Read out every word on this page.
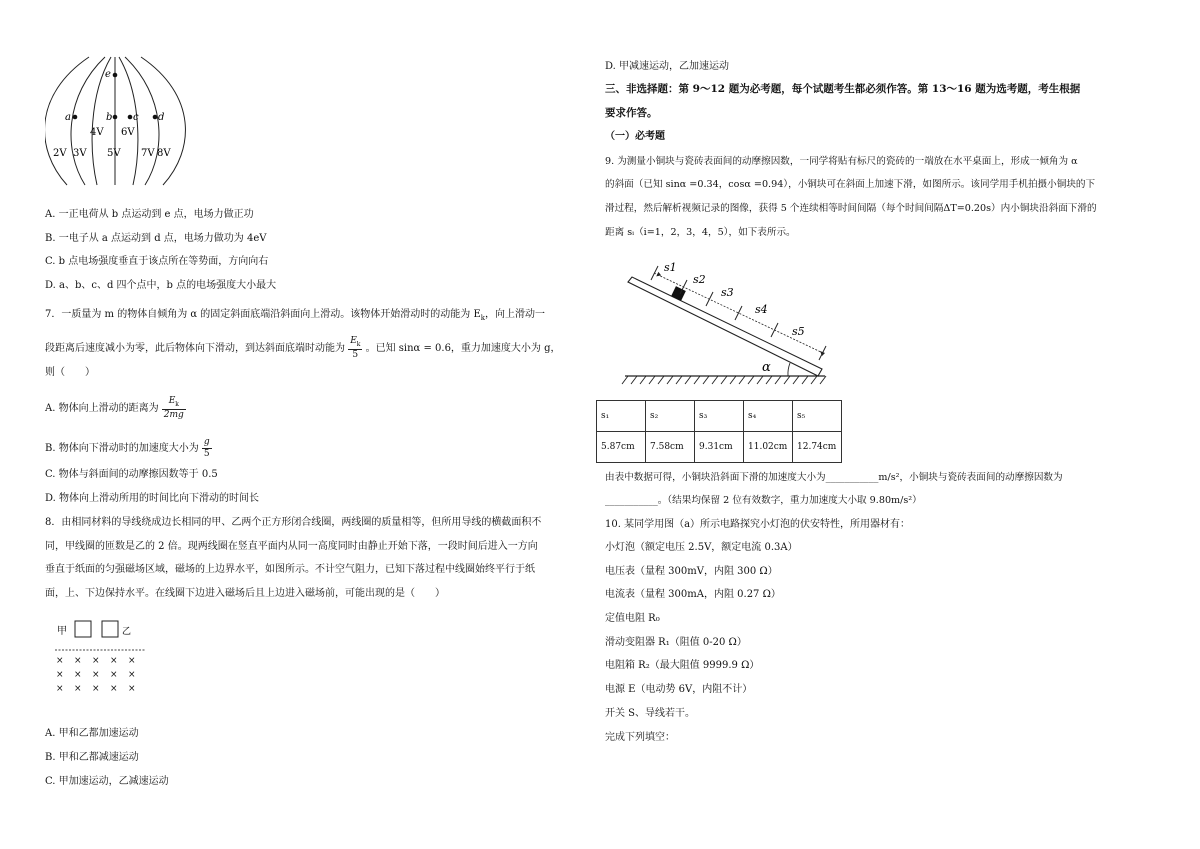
e
a	b c d
4V 6V
2V 3V 5V 7V 8V
A. 一正电荷从 b 点运动到 e 点，电场力做正功
B. 一电子从 a 点运动到 d 点，电场力做功为 4eV
C. b 点电场强度垂直于该点所在等势面，方向向右
D. a、b、c、d 四个点中，b 点的电场强度大小最大
7．一质量为 m 的物体自倾角为 α 的固定斜面底端沿斜面向上滑动。该物体开始滑动时的动能为 $E_k$，向上滑动一
段距离后速度减小为零，此后物体向下滑动，到达斜面底端时动能为 $\frac{E_k}{5}$ 。已知 sinα = 0.6，重力加速度大小为 g，
则（　　）
A. 物体向上滑动的距离为 $\frac{E_k}{2mg}$
B. 物体向下滑动时的加速度大小为 $\frac{g}{5}$
C. 物体与斜面间的动摩擦因数等于 0.5
D. 物体向上滑动所用的时间比向下滑动的时间长
8．由相同材料的导线绕成边长相同的甲、乙两个正方形闭合线圈，两线圈的质量相等，但所用导线的横截面积不
同，甲线圈的匝数是乙的 2 倍。现两线圈在竖直平面内从同一高度同时由静止开始下落，一段时间后进入一方向
垂直于纸面的匀强磁场区域，磁场的上边界水平，如图所示。不计空气阻力，已知下落过程中线圈始终平行于纸
面，上、下边保持水平。在线圈下边进入磁场后且上边进入磁场前，可能出现的是（　　）
甲	乙
× × × × ×
× × × × ×
× × × × ×
A. 甲和乙都加速运动
B. 甲和乙都减速运动
C. 甲加速运动，乙减速运动
D. 甲减速运动，乙加速运动
三、非选择题：第 9～12 题为必考题，每个试题考生都必须作答。第 13～16 题为选考题，考生根据
要求作答。
（一）必考题
9. 为测量小铜块与瓷砖表面间的动摩擦因数，一同学将贴有标尺的瓷砖的一端放在水平桌面上，形成一倾角为 α
的斜面（已知 sinα =0.34，cosα =0.94），小铜块可在斜面上加速下滑，如图所示。该同学用手机拍摄小铜块的下
滑过程，然后解析视频记录的图像，获得 5 个连续相等时间间隔（每个时间间隔ΔT=0.20s）内小铜块沿斜面下滑的
距离 sᵢ（i=1，2，3，4，5），如下表所示。
s1
s2
s3
s4
s5
α
s₁	s₂	s₃	s₄	s₅
5.87cm	7.58cm	9.31cm	11.02cm	12.74cm
由表中数据可得，小铜块沿斜面下滑的加速度大小为___________m/s²，小铜块与瓷砖表面间的动摩擦因数为
___________。（结果均保留 2 位有效数字，重力加速度大小取 9.80m/s²）
10. 某同学用图（a）所示电路探究小灯泡的伏安特性，所用器材有：
小灯泡（额定电压 2.5V，额定电流 0.3A）
电压表（量程 300mV，内阻 300 Ω）
电流表（量程 300mA，内阻 0.27 Ω）
定值电阻 R₀
滑动变阻器 R₁（阻值 0-20 Ω）
电阻箱 R₂（最大阻值 9999.9 Ω）
电源 E（电动势 6V，内阻不计）
开关 S、导线若干。
完成下列填空：
